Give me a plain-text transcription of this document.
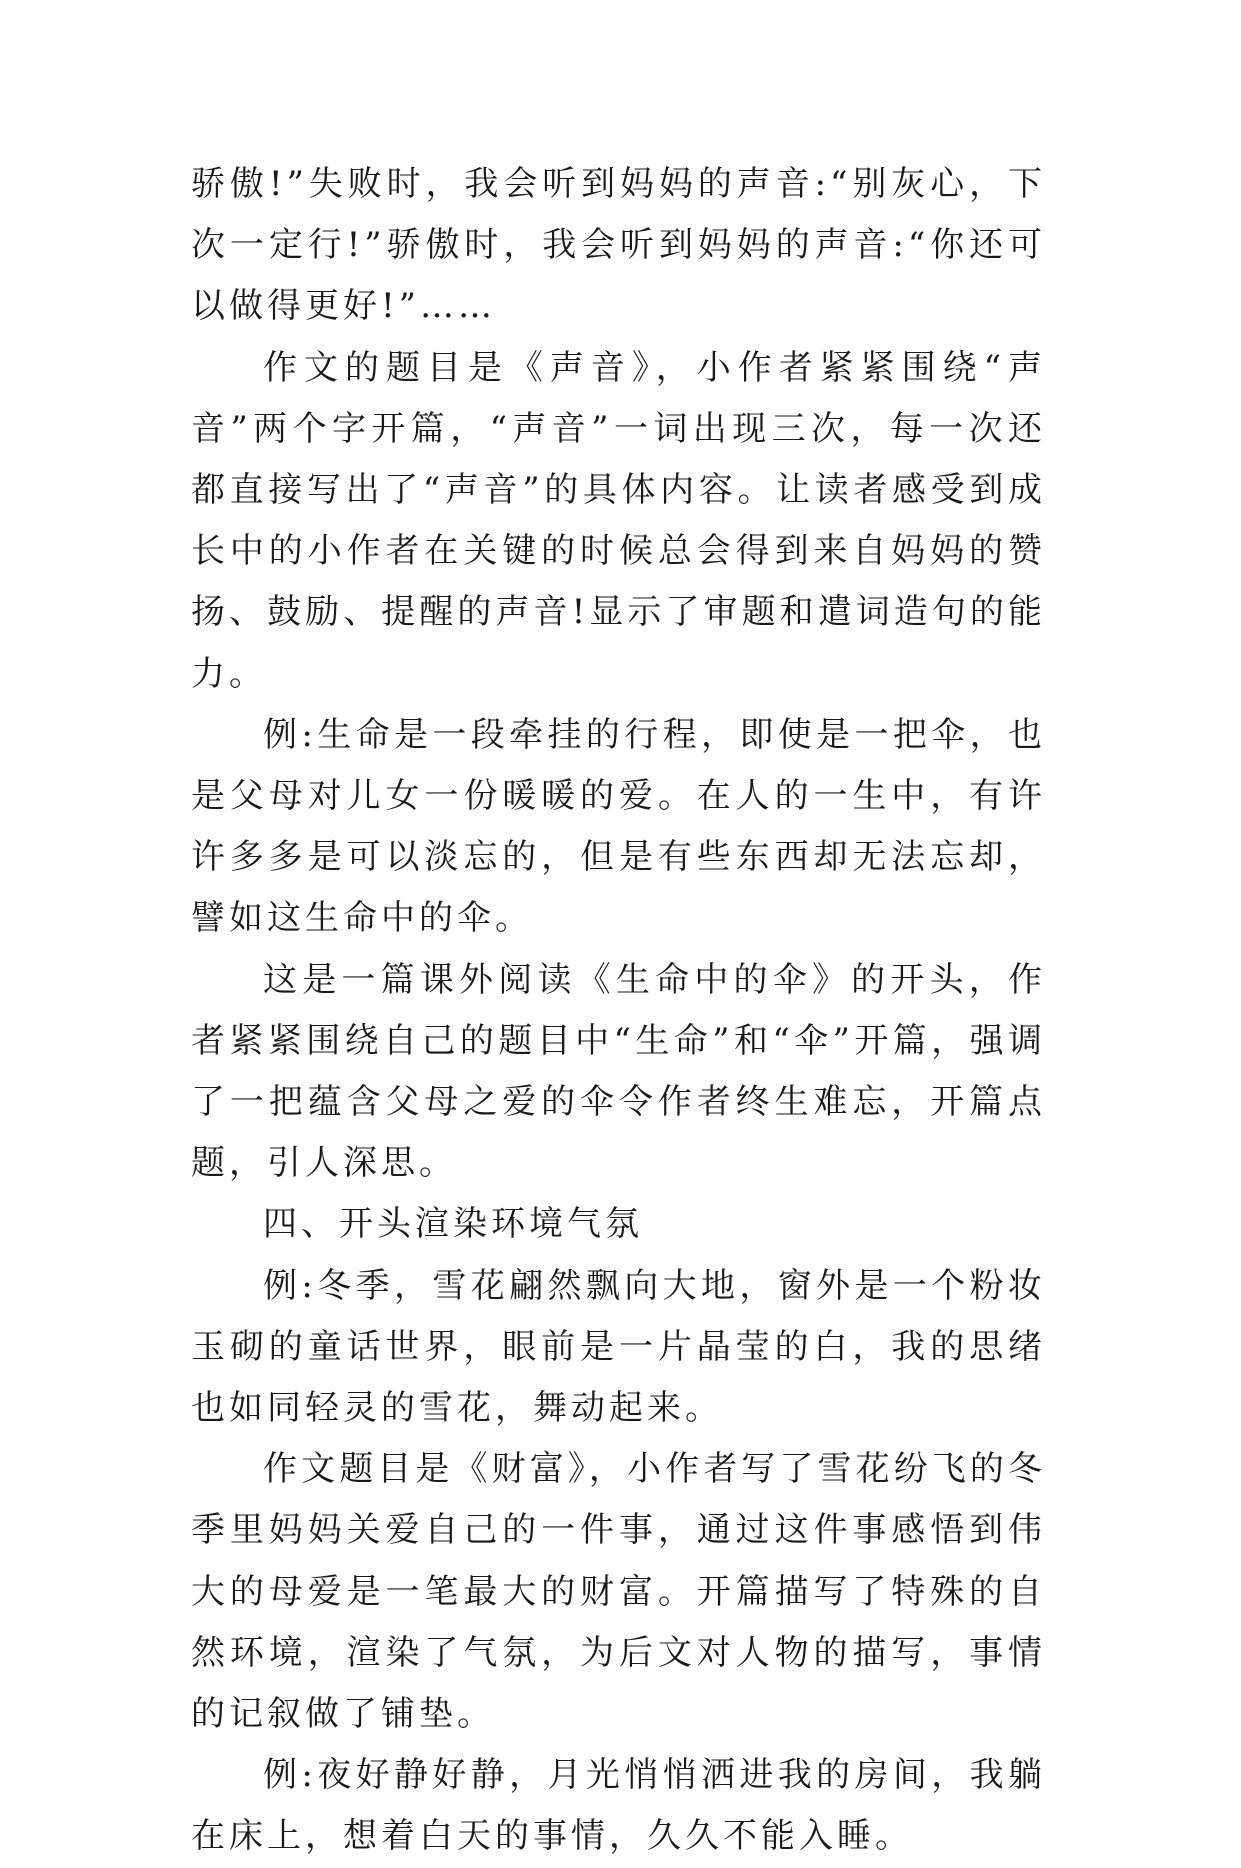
骄傲!”失败时，我会听到妈妈的声音:“别灰心，下次一定行!”骄傲时，我会听到妈妈的声音:“你还可以做得更好!”……

作文的题目是《声音》，小作者紧紧围绕“声音”两个字开篇，“声音”一词出现三次，每一次还都直接写出了“声音”的具体内容。让读者感受到成长中的小作者在关键的时候总会得到来自妈妈的赞扬、鼓励、提醒的声音!显示了审题和遣词造句的能力。

例:生命是一段牵挂的行程，即使是一把伞，也是父母对儿女一份暖暖的爱。在人的一生中，有许许多多是可以淡忘的，但是有些东西却无法忘却，譬如这生命中的伞。

这是一篇课外阅读《生命中的伞》的开头，作者紧紧围绕自己的题目中“生命”和“伞”开篇，强调了一把蕴含父母之爱的伞令作者终生难忘，开篇点题，引人深思。

四、开头渲染环境气氛

例:冬季，雪花翩然飘向大地，窗外是一个粉妆玉砌的童话世界，眼前是一片晶莹的白，我的思绪也如同轻灵的雪花，舞动起来。

作文题目是《财富》，小作者写了雪花纷飞的冬季里妈妈关爱自己的一件事，通过这件事感悟到伟大的母爱是一笔最大的财富。开篇描写了特殊的自然环境，渲染了气氛，为后文对人物的描写，事情的记叙做了铺垫。

例:夜好静好静，月光悄悄洒进我的房间，我躺在床上，想着白天的事情，久久不能入睡。
